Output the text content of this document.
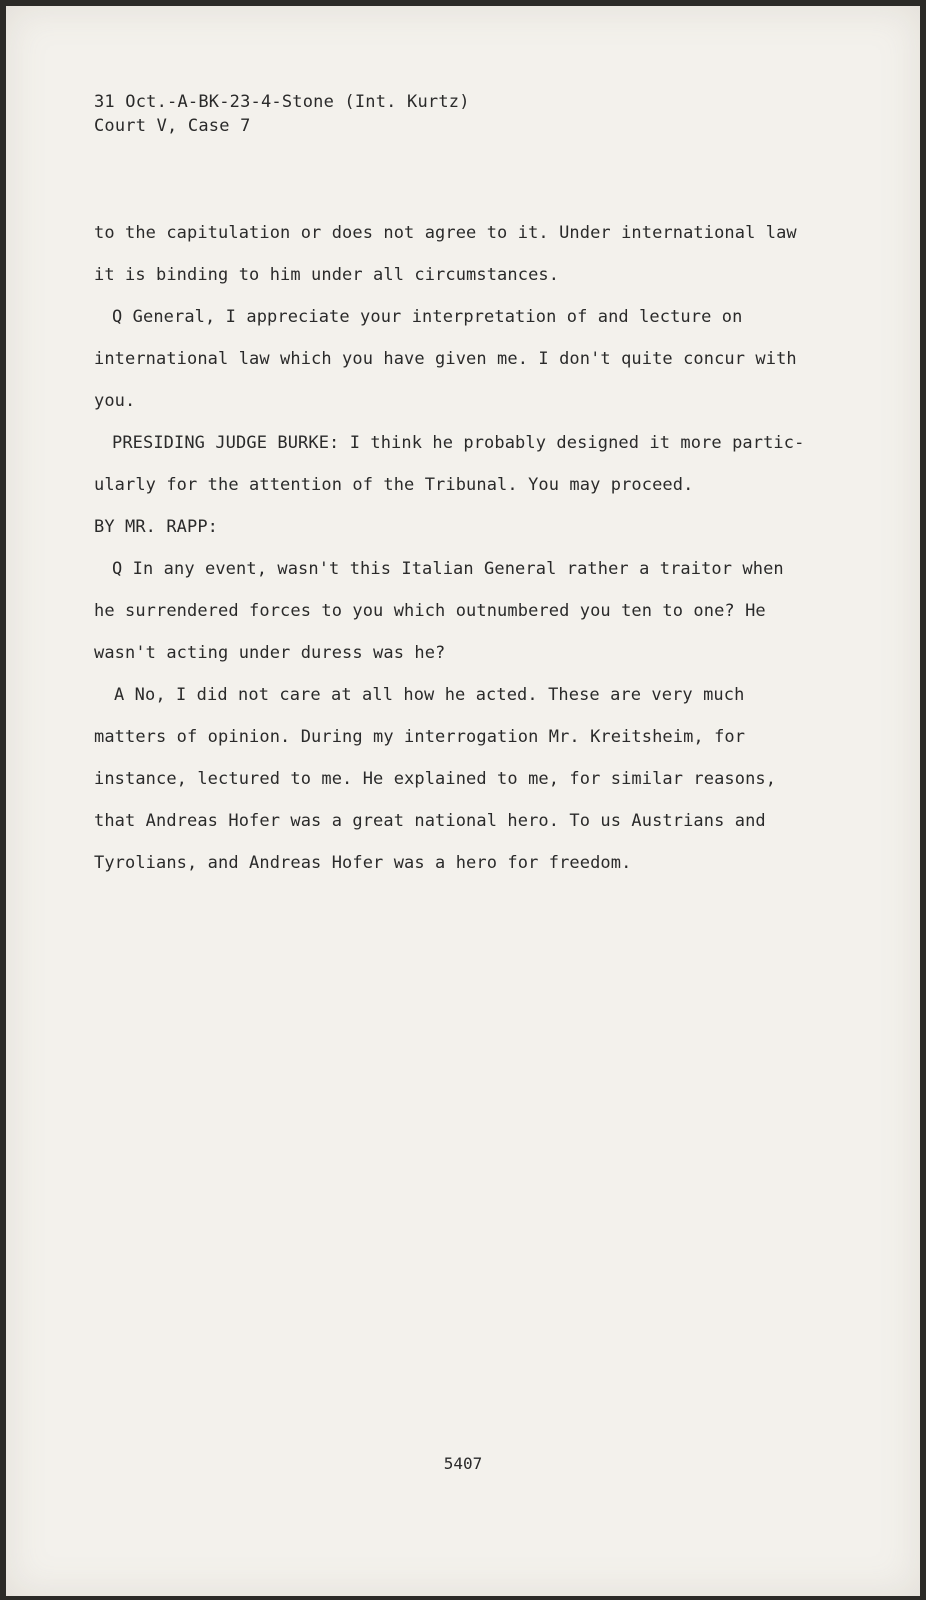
31 Oct.-A-BK-23-4-Stone (Int. Kurtz)
Court V, Case 7
to the capitulation or does not agree to it. Under international law
it is binding to him under all circumstances.
Q General, I appreciate your interpretation of and lecture on
international law which you have given me. I don't quite concur with
you.
PRESIDING JUDGE BURKE: I think he probably designed it more partic-
ularly for the attention of the Tribunal. You may proceed.
BY MR. RAPP:
Q In any event, wasn't this Italian General rather a traitor when
he surrendered forces to you which outnumbered you ten to one? He
wasn't acting under duress was he?
A No, I did not care at all how he acted. These are very much
matters of opinion. During my interrogation Mr. Kreitsheim, for
instance, lectured to me. He explained to me, for similar reasons,
that Andreas Hofer was a great national hero. To us Austrians and
Tyrolians, and Andreas Hofer was a hero for freedom.
5407
